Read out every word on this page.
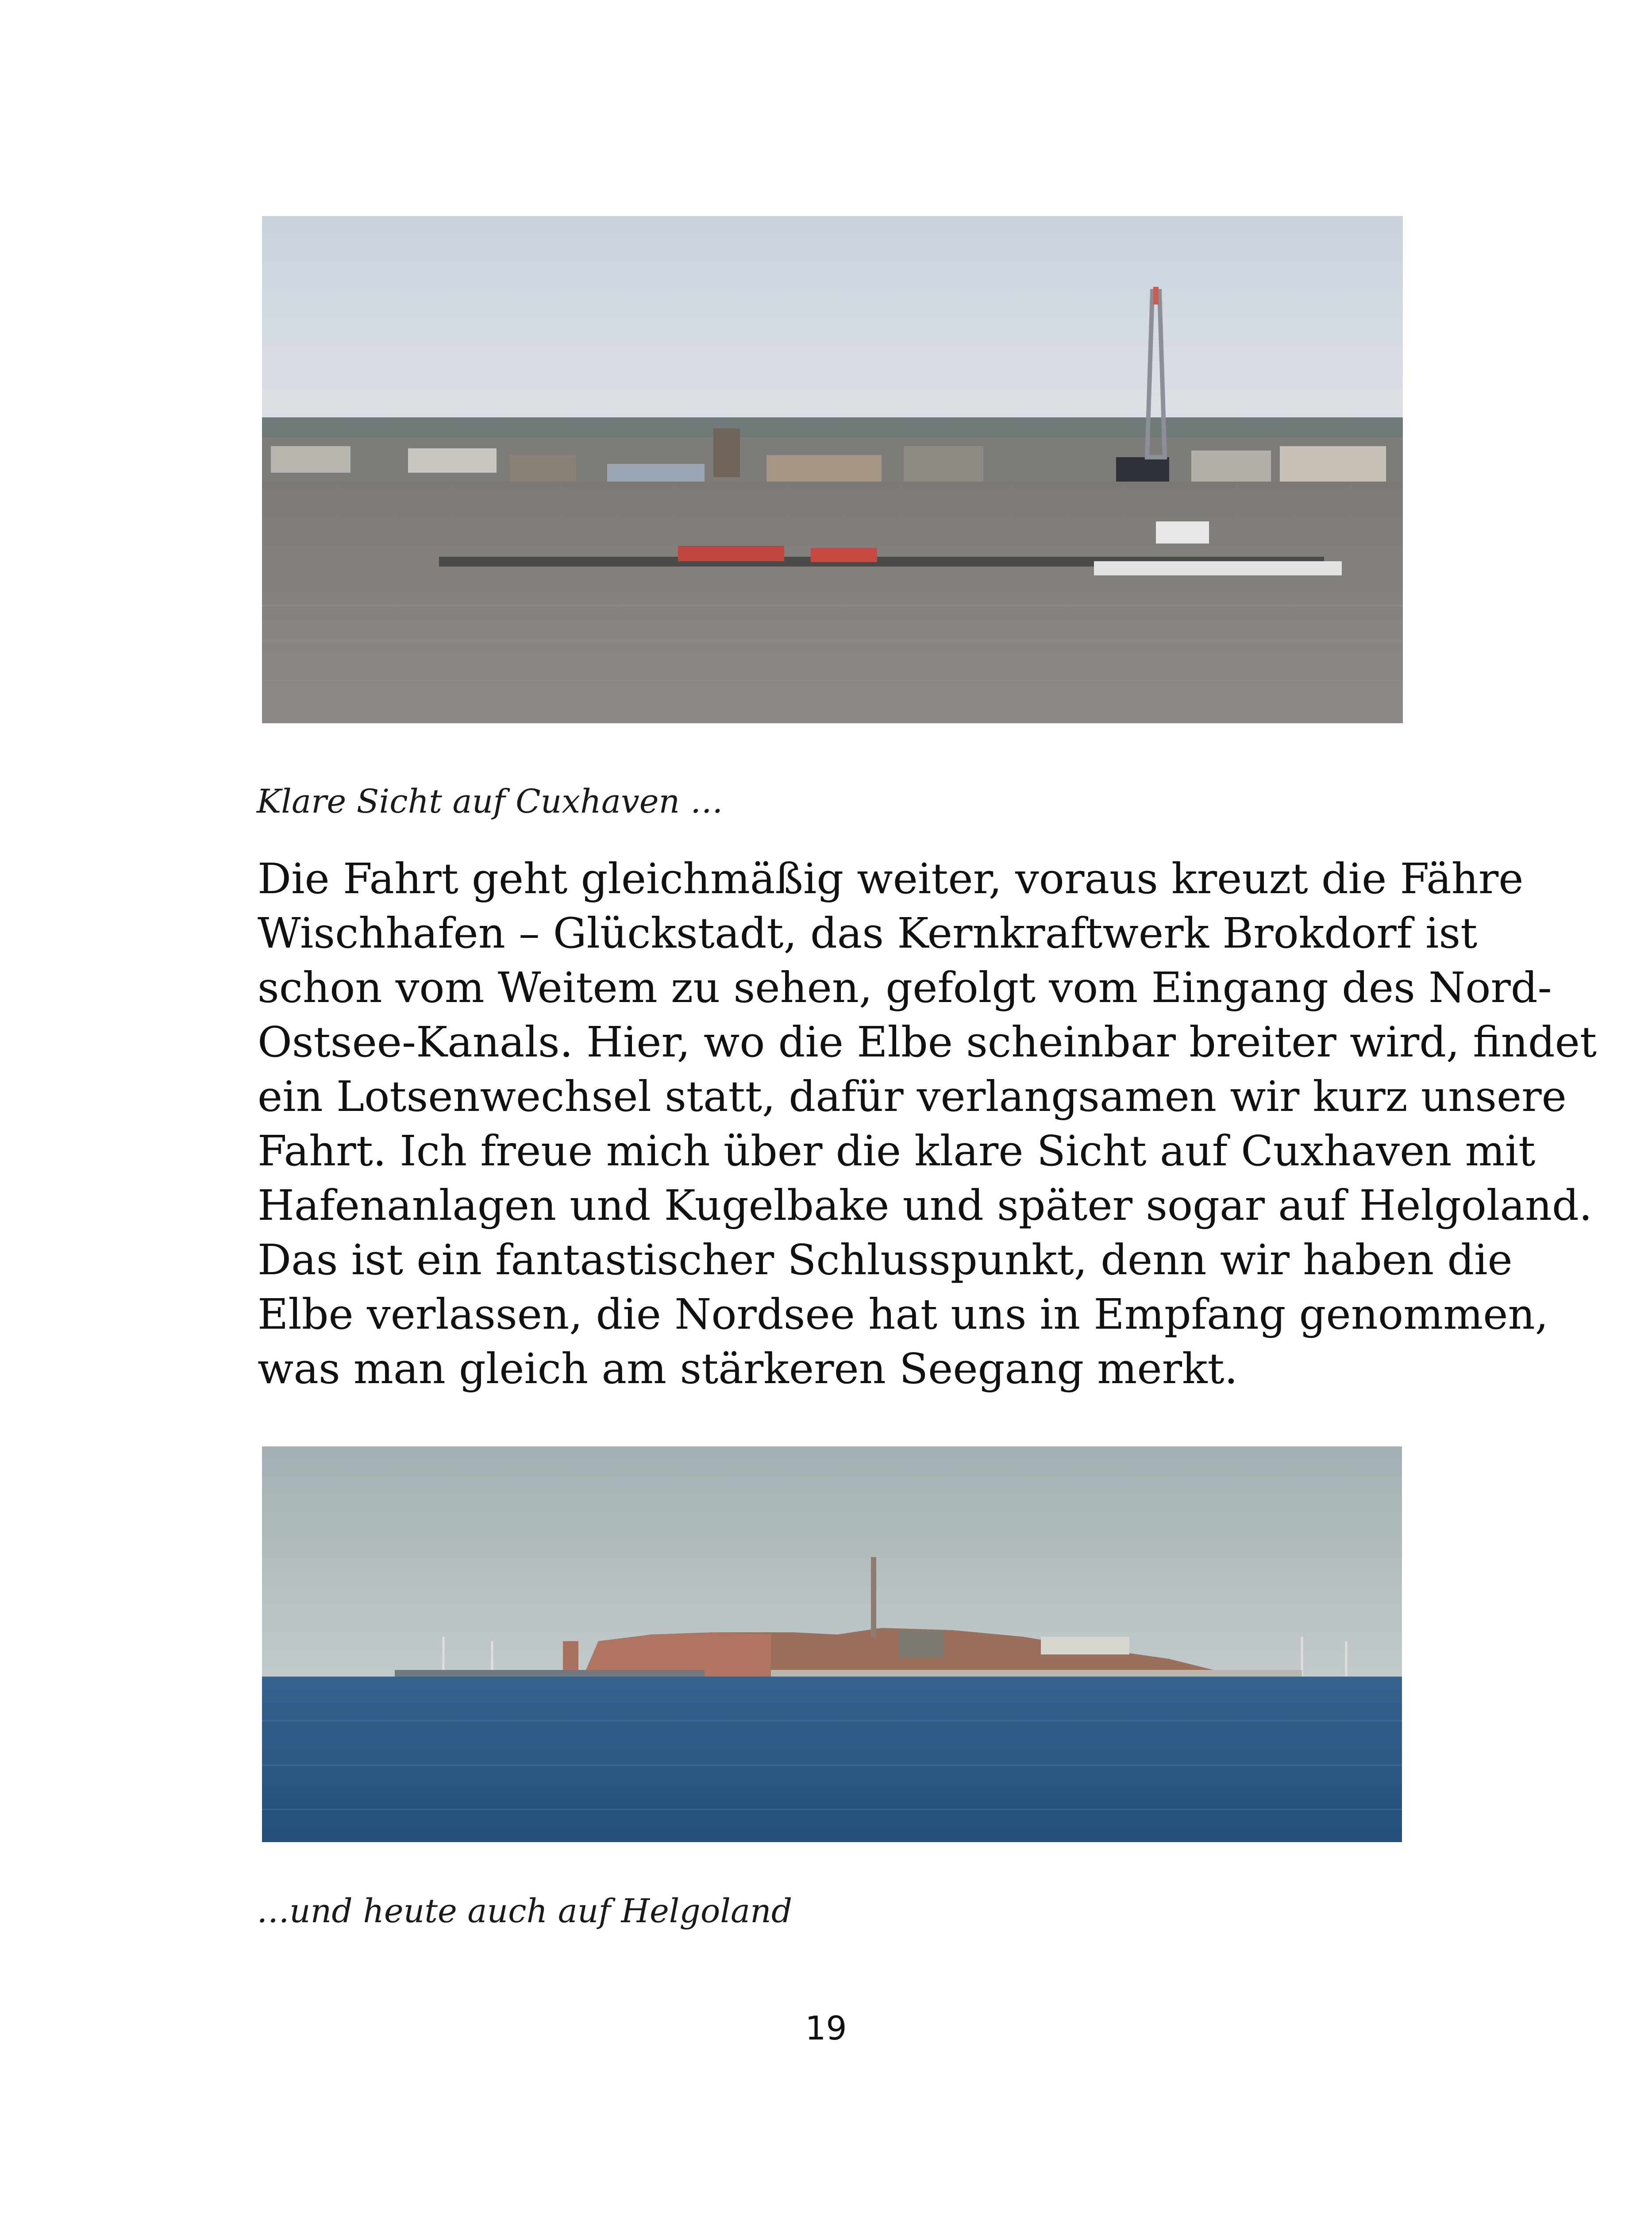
Klare Sicht auf Cuxhaven …
Die Fahrt geht gleichmäßig weiter, voraus kreuzt die Fähre
Wischhafen – Glückstadt, das Kernkraftwerk Brokdorf ist
schon vom Weitem zu sehen, gefolgt vom Eingang des Nord-
Ostsee-Kanals. Hier, wo die Elbe scheinbar breiter wird, findet
ein Lotsenwechsel statt, dafür verlangsamen wir kurz unsere
Fahrt. Ich freue mich über die klare Sicht auf Cuxhaven mit
Hafenanlagen und Kugelbake und später sogar auf Helgoland.
Das ist ein fantastischer Schlusspunkt, denn wir haben die
Elbe verlassen, die Nordsee hat uns in Empfang genommen,
was man gleich am stärkeren Seegang merkt.
…und heute auch auf Helgoland
19
